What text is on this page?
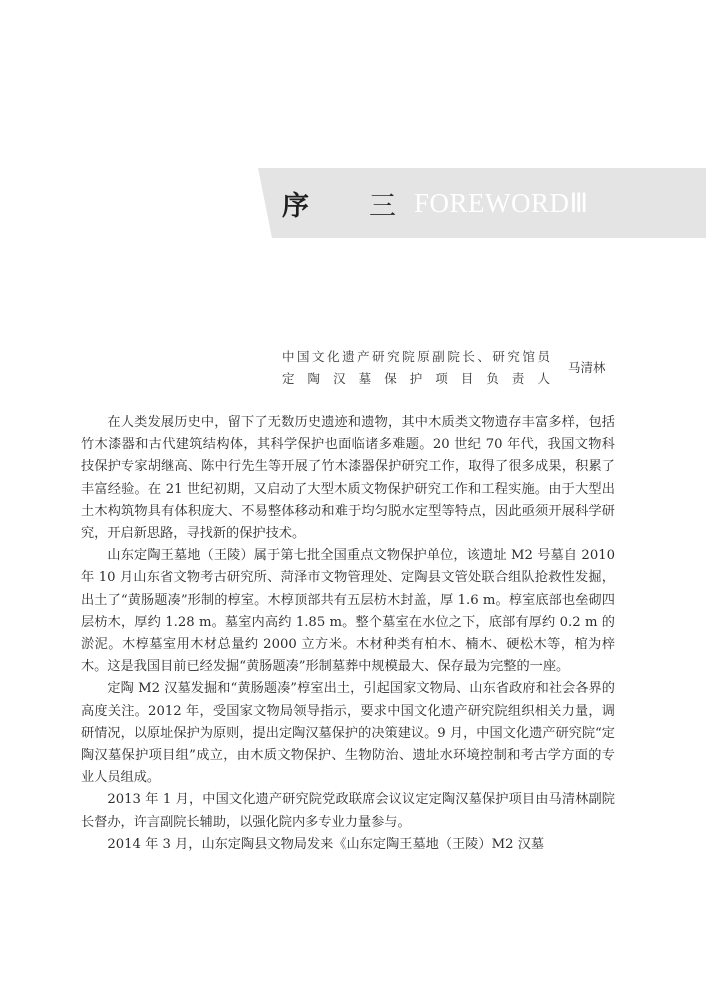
序 三 FOREWORDⅢ
中国文化遗产研究院原副院长、研究馆员
定陶汉墓保护项目负责人
马清林

在人类发展历史中，留下了无数历史遗迹和遗物，其中木质类文物遗存丰富多样，包括竹木漆器和古代建筑结构体，其科学保护也面临诸多难题。20 世纪 70 年代，我国文物科技保护专家胡继高、陈中行先生等开展了竹木漆器保护研究工作，取得了很多成果，积累了丰富经验。在 21 世纪初期，又启动了大型木质文物保护研究工作和工程实施。由于大型出土木构筑物具有体积庞大、不易整体移动和难于均匀脱水定型等特点，因此亟须开展科学研究，开启新思路，寻找新的保护技术。

山东定陶王墓地（王陵）属于第七批全国重点文物保护单位，该遗址 M2 号墓自 2010 年 10 月山东省文物考古研究所、菏泽市文物管理处、定陶县文管处联合组队抢救性发掘，出土了“黄肠题凑”形制的椁室。木椁顶部共有五层枋木封盖，厚 1.6 m。椁室底部也垒砌四层枋木，厚约 1.28 m。墓室内高约 1.85 m。整个墓室在水位之下，底部有厚约 0.2 m 的淤泥。木椁墓室用木材总量约 2000 立方米。木材种类有柏木、楠木、硬松木等，棺为梓木。这是我国目前已经发掘“黄肠题凑”形制墓葬中规模最大、保存最为完整的一座。

定陶 M2 汉墓发掘和“黄肠题凑”椁室出土，引起国家文物局、山东省政府和社会各界的高度关注。2012 年，受国家文物局领导指示，要求中国文化遗产研究院组织相关力量，调研情况，以原址保护为原则，提出定陶汉墓保护的决策建议。9 月，中国文化遗产研究院“定陶汉墓保护项目组”成立，由木质文物保护、生物防治、遗址水环境控制和考古学方面的专业人员组成。

2013 年 1 月，中国文化遗产研究院党政联席会议议定定陶汉墓保护项目由马清林副院长督办，许言副院长辅助，以强化院内多专业力量参与。

2014 年 3 月，山东定陶县文物局发来《山东定陶王墓地（王陵）M2 汉墓
